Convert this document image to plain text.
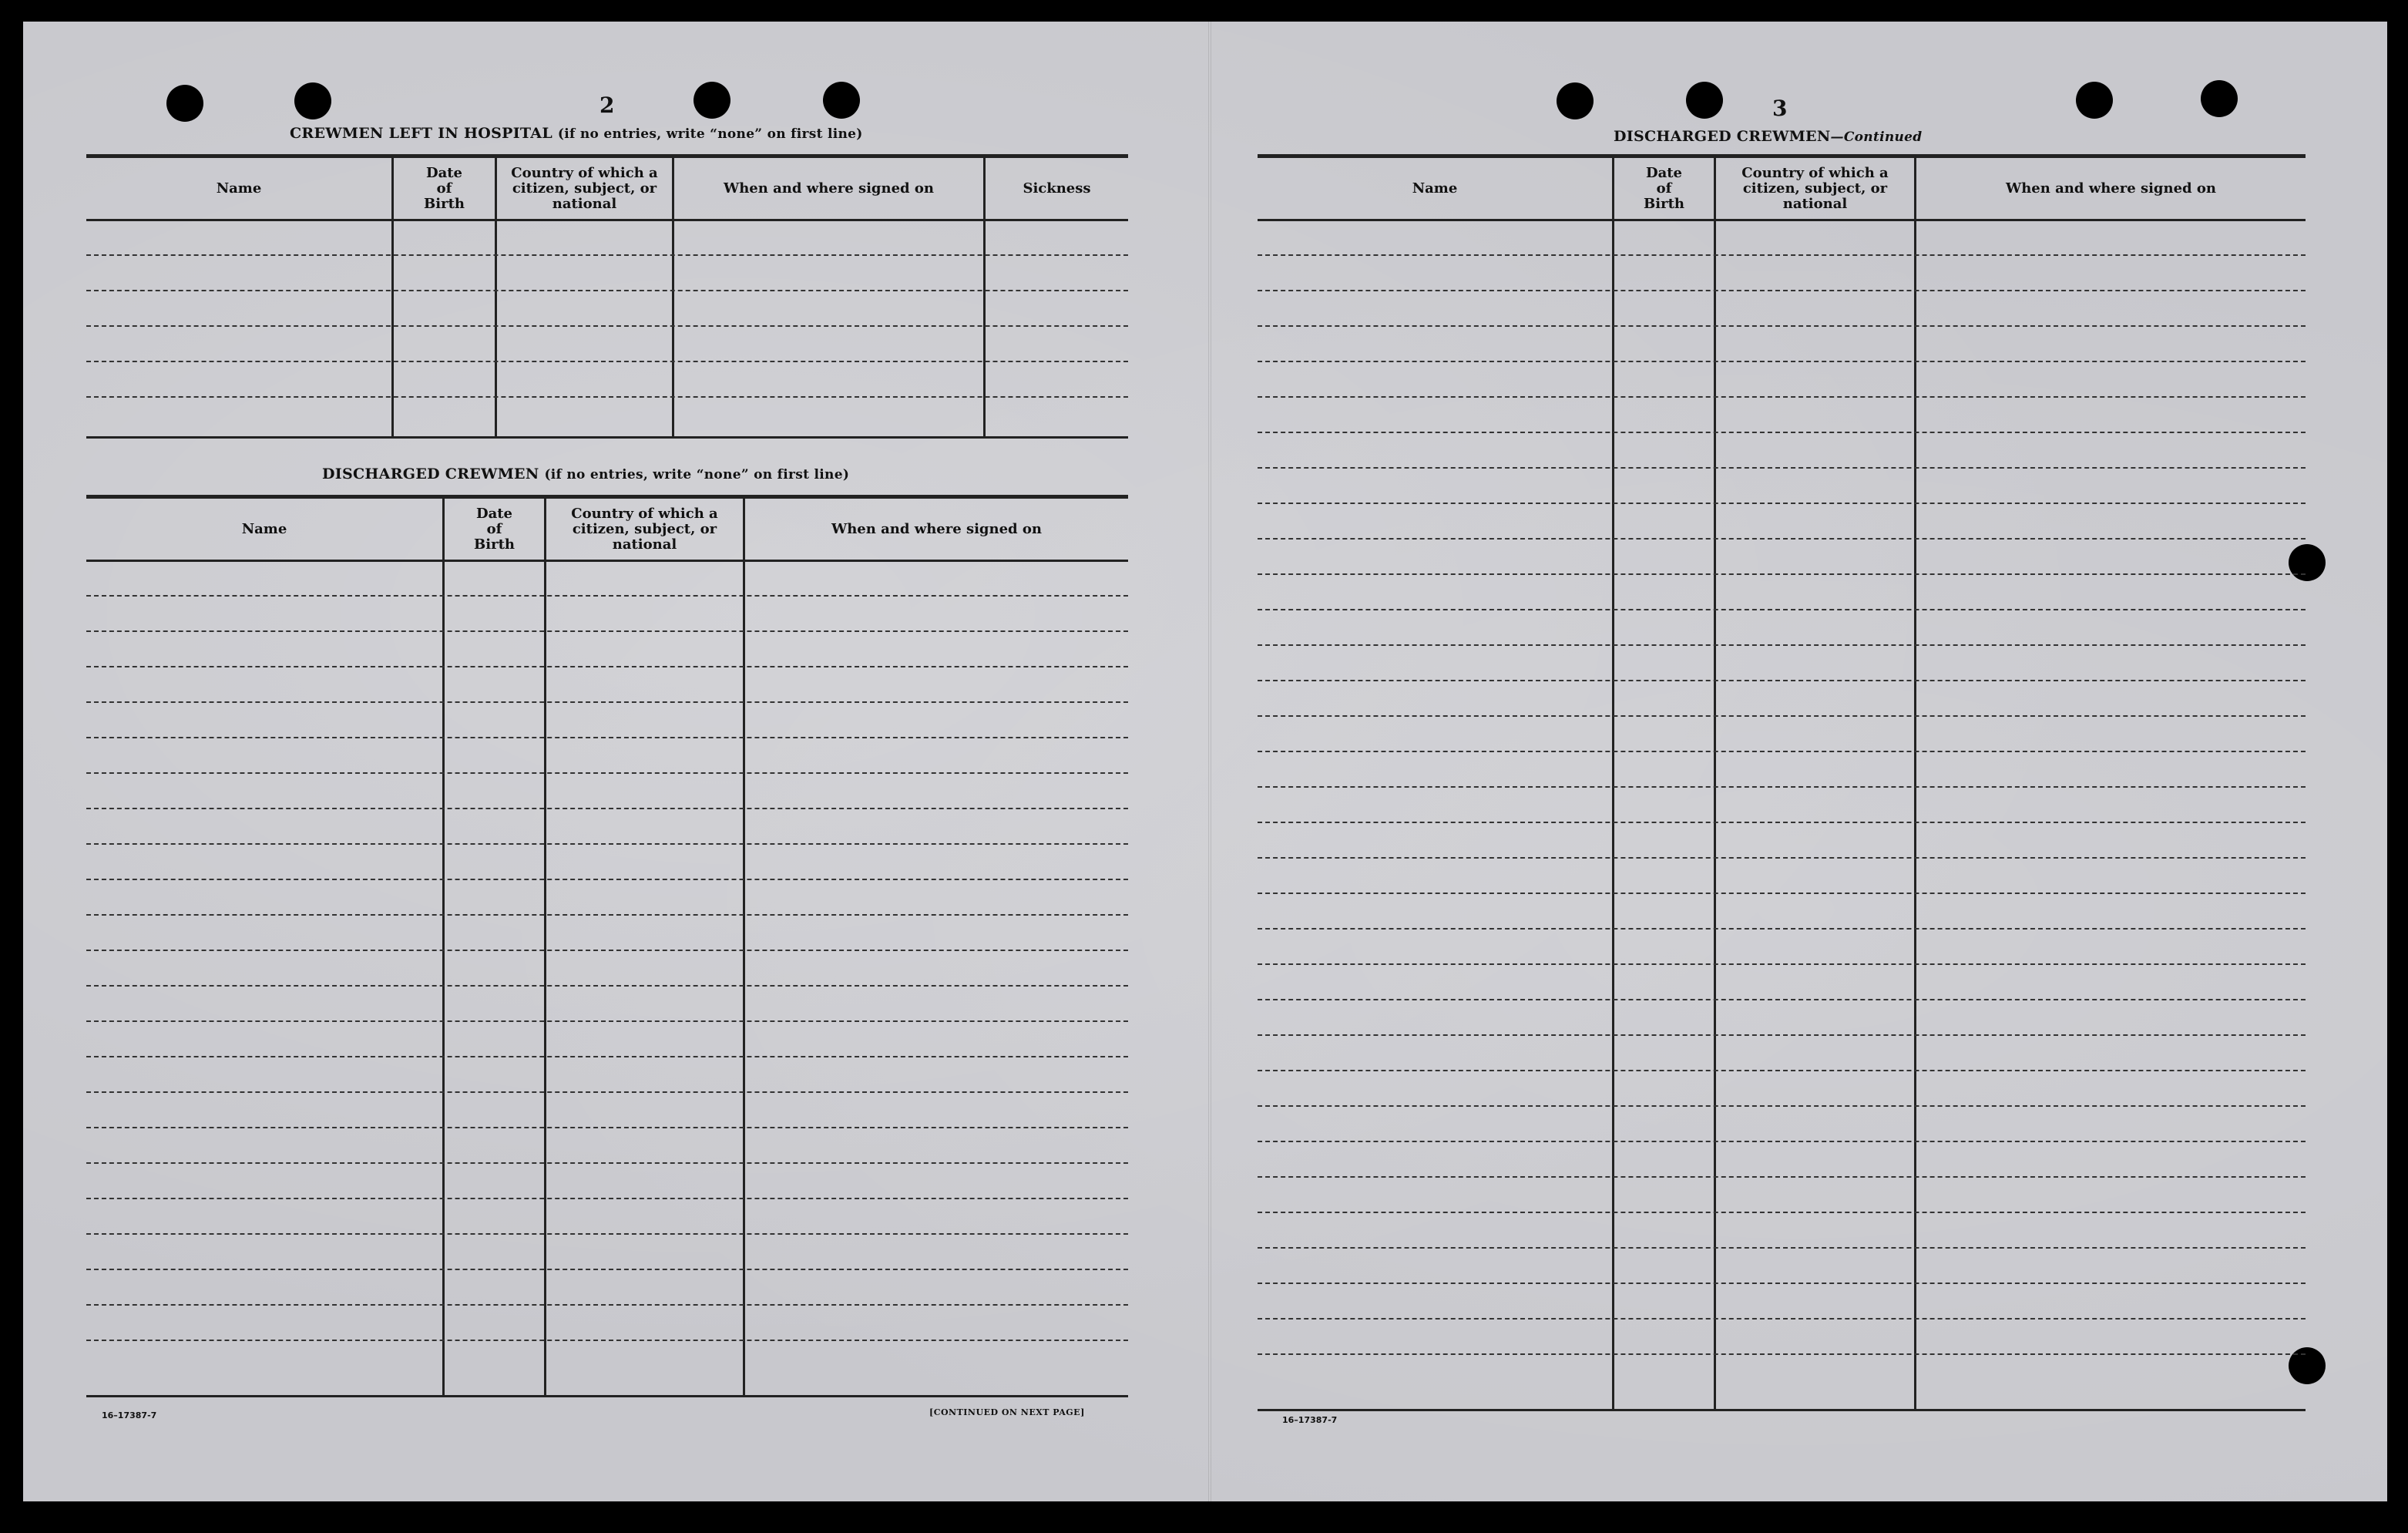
2
CREWMEN LEFT IN HOSPITAL (if no entries, write “none” on first line)
Name
Date
of
Birth
Country of which a
citizen, subject, or
national
When and where signed on	Sickness
DISCHARGED CREWMEN (if no entries, write “none” on first line)
Name
Date
of
Birth
Country of which a
citizen, subject, or
national
When and where signed on
16–17387-7	[CONTINUED ON NEXT PAGE]
3
DISCHARGED CREWMEN—Continued
Name
Date
of
Birth
Country of which a
citizen, subject, or
national
When and where signed on
16–17387-7
